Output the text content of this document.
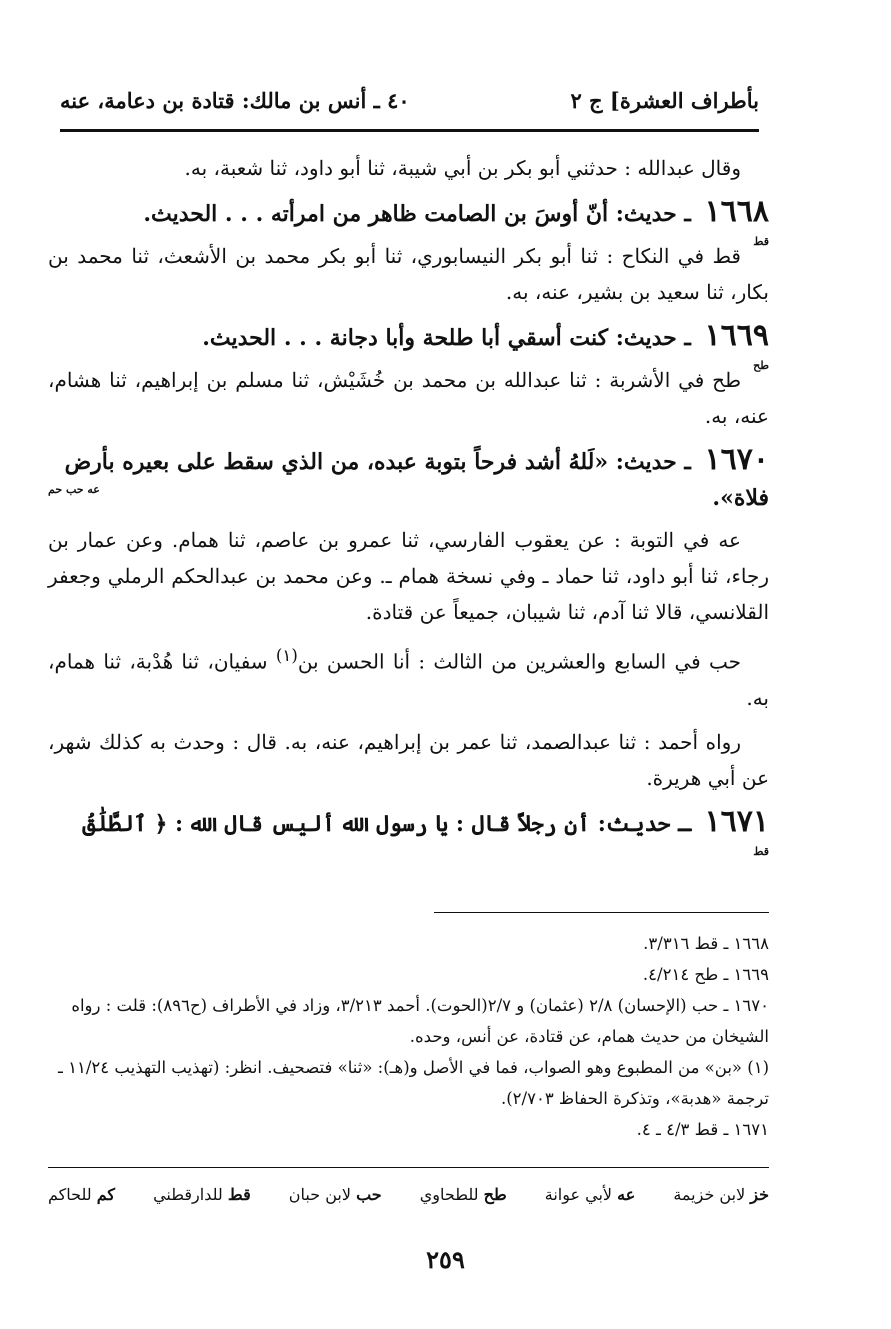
بأطراف العشرة] ج ٢
٤٠ ـ أنس بن مالك: قتادة بن دعامة، عنه

وقال عبدالله : حدثني أبو بكر بن أبي شيبة، ثنا أبو داود، ثنا شعبة، به.

١٦٦٨ ـ حديث: أنّ أوسَ بن الصامت ظاهر من امرأته . . . الحديث.
قط

قط في النكاح : ثنا أبو بكر النيسابوري، ثنا أبو بكر محمد بن الأشعث، ثنا محمد بن بكار، ثنا سعيد بن بشير، عنه، به.

١٦٦٩ ـ حديث: كنت أسقي أبا طلحة وأبا دجانة . . . الحديث.
طح

طح في الأشربة : ثنا عبدالله بن محمد بن خُشَيْش، ثنا مسلم بن إبراهيم، ثنا هشام، عنه، به.

١٦٧٠ ـ حديث: «لَلهُ أشد فرحاً بتوبة عبده، من الذي سقط على بعيره بأرض فلاة».
عه حب حم

عه في التوبة : عن يعقوب الفارسي، ثنا عمرو بن عاصم، ثنا همام. وعن عمار بن رجاء، ثنا أبو داود، ثنا حماد ـ وفي نسخة همام ـ. وعن محمد بن عبدالحكم الرملي وجعفر القلانسي، قالا ثنا آدم، ثنا شيبان، جميعاً عن قتادة.

حب في السابع والعشرين من الثالث : أنا الحسن بن$^{(١)}$ سفيان، ثنا هُدْبة، ثنا همام، به.

رواه أحمد : ثنا عبدالصمد، ثنا عمر بن إبراهيم، عنه، به. قال : وحدث به كذلك شهر، عن أبي هريرة.

١٦٧١ ـ حديث: أن رجلاً قال : يا رسول الله أليس قال الله : ﴿ ٱلطَّلَٰقُ
قط

١٦٦٨ ـ قط ٣/٣١٦.

١٦٦٩ ـ طح ٤/٢١٤.

١٦٧٠ ـ حب (الإحسان) ٢/٨ (عثمان) و ٢/٧(الحوت). أحمد ٣/٢١٣، وزاد في الأطراف (ح٨٩٦): قلت : رواه الشيخان من حديث همام، عن قتادة، عن أنس، وحده.

(١) «بن» من المطبوع وهو الصواب، فما في الأصل و(هـ): «ثنا» فتصحيف. انظر: (تهذيب التهذيب ١١/٢٤ ـ ترجمة «هدبة»، وتذكرة الحفاظ ٢/٧٠٣).

١٦٧١ ـ قط ٤/٣ ـ ٤.

خز لابن خزيمة
عه لأبي عوانة
طح للطحاوي
حب لابن حبان
قط للدارقطني
كم للحاكم
٢٥٩
